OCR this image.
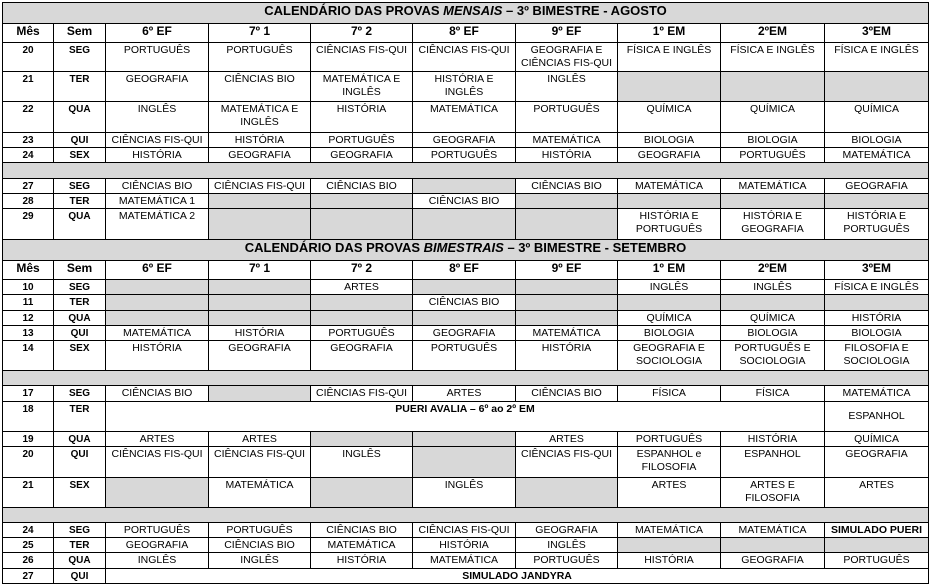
CALENDÁRIO DAS PROVAS MENSAIS – 3º BIMESTRE - AGOSTO									
Mês	Sem	6º EF	7º 1	7º 2	8º EF	9º EF	1º EM	2ºEM	3ºEM
20	SEG	PORTUGUÊS	PORTUGUÊS	CIÊNCIAS FIS-QUI	CIÊNCIAS FIS-QUI	GEOGRAFIA E CIÊNCIAS FIS-QUI	FÍSICA E INGLÊS	FÍSICA E INGLÊS	FÍSICA E INGLÊS
21	TER	GEOGRAFIA	CIÊNCIAS BIO	MATEMÁTICA E INGLÊS	HISTÓRIA E INGLÊS	INGLÊS			
22	QUA	INGLÊS	MATEMÁTICA E INGLÊS	HISTÓRIA	MATEMÁTICA	PORTUGUÊS	QUÍMICA	QUÍMICA	QUÍMICA
23	QUI	CIÊNCIAS FIS-QUI	HISTÓRIA	PORTUGUÊS	GEOGRAFIA	MATEMÁTICA	BIOLOGIA	BIOLOGIA	BIOLOGIA
24	SEX	HISTÓRIA	GEOGRAFIA	GEOGRAFIA	PORTUGUÊS	HISTÓRIA	GEOGRAFIA	PORTUGUÊS	MATEMÁTICA

27	SEG	CIÊNCIAS BIO	CIÊNCIAS FIS-QUI	CIÊNCIAS BIO		CIÊNCIAS BIO	MATEMÁTICA	MATEMÁTICA	GEOGRAFIA
28	TER	MATEMÁTICA 1			CIÊNCIAS BIO				
29	QUA	MATEMÁTICA 2					HISTÓRIA E PORTUGUÊS	HISTÓRIA E GEOGRAFIA	HISTÓRIA E PORTUGUÊS
CALENDÁRIO DAS PROVAS BIMESTRAIS – 3º BIMESTRE - SETEMBRO									
Mês	Sem	6º EF	7º 1	7º 2	8º EF	9º EF	1º EM	2ºEM	3ºEM
10	SEG			ARTES			INGLÊS	INGLÊS	FÍSICA E INGLÊS
11	TER				CIÊNCIAS BIO				
12	QUA						QUÍMICA	QUÍMICA	HISTÓRIA
13	QUI	MATEMÁTICA	HISTÓRIA	PORTUGUÊS	GEOGRAFIA	MATEMÁTICA	BIOLOGIA	BIOLOGIA	BIOLOGIA
14	SEX	HISTÓRIA	GEOGRAFIA	GEOGRAFIA	PORTUGUÊS	HISTÓRIA	GEOGRAFIA E SOCIOLOGIA	PORTUGUÊS E SOCIOLOGIA	FILOSOFIA E SOCIOLOGIA

17	SEG	CIÊNCIAS BIO		CIÊNCIAS FIS-QUI	ARTES	CIÊNCIAS BIO	FÍSICA	FÍSICA	MATEMÁTICA
18	TER	PUERI AVALIA – 6º ao 2º EM							ESPANHOL
19	QUA	ARTES	ARTES			ARTES	PORTUGUÊS	HISTÓRIA	QUÍMICA
20	QUI	CIÊNCIAS FIS-QUI	CIÊNCIAS FIS-QUI	INGLÊS		CIÊNCIAS FIS-QUI	ESPANHOL e FILOSOFIA	ESPANHOL	GEOGRAFIA
21	SEX		MATEMÁTICA		INGLÊS		ARTES	ARTES E FILOSOFIA	ARTES

24	SEG	PORTUGUÊS	PORTUGUÊS	CIÊNCIAS BIO	CIÊNCIAS FIS-QUI	GEOGRAFIA	MATEMÁTICA	MATEMÁTICA	SIMULADO PUERI
25	TER	GEOGRAFIA	CIÊNCIAS BIO	MATEMÁTICA	HISTÓRIA	INGLÊS			
26	QUA	INGLÊS	INGLÊS	HISTÓRIA	MATEMÁTICA	PORTUGUÊS	HISTÓRIA	GEOGRAFIA	PORTUGUÊS
27	QUI	SIMULADO JANDYRA							
